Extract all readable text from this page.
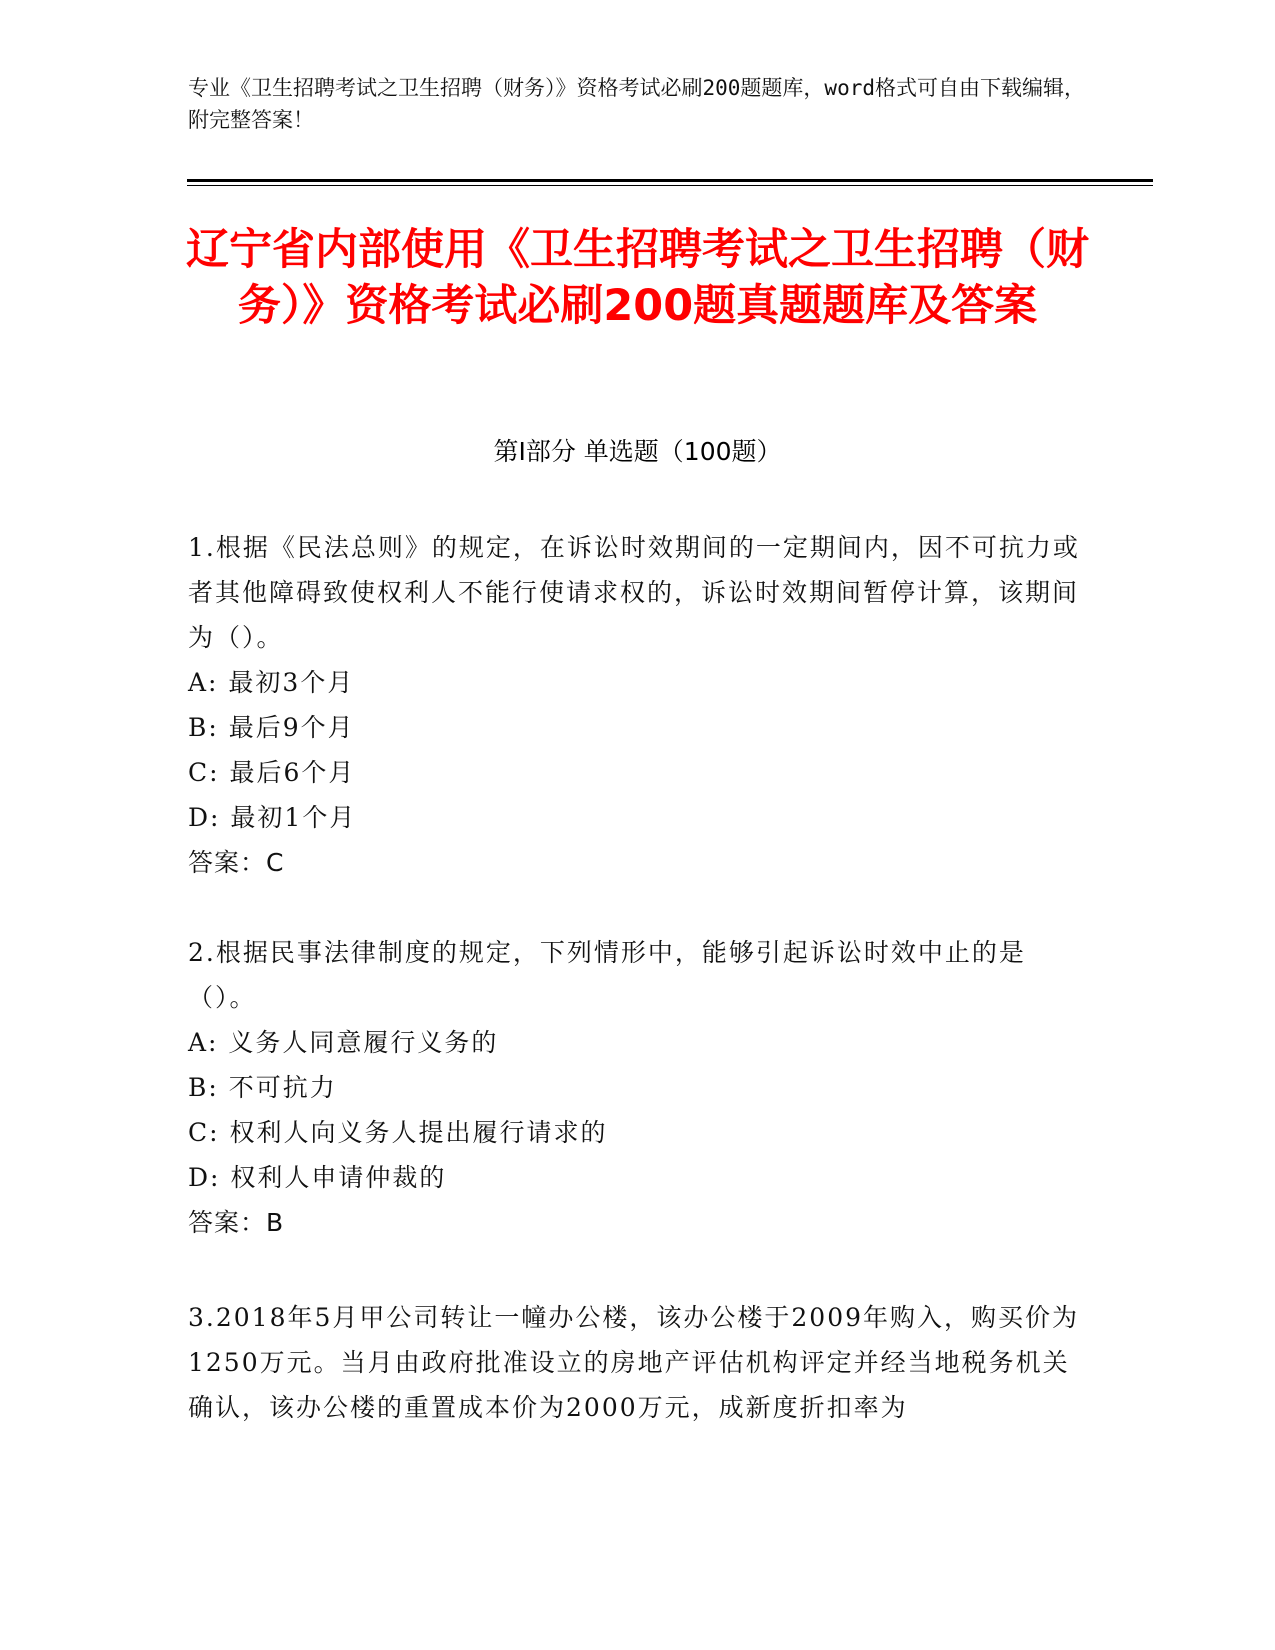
专业《卫生招聘考试之卫生招聘（财务）》资格考试必刷200题题库，word格式可自由下载编辑，附完整答案！
辽宁省内部使用《卫生招聘考试之卫生招聘（财务）》资格考试必刷200题真题题库及答案
第Ⅰ部分 单选题（100题）
1.根据《民法总则》的规定，在诉讼时效期间的一定期间内，因不可抗力或者其他障碍致使权利人不能行使请求权的，诉讼时效期间暂停计算，该期间为（）。
A: 最初3个月
B: 最后9个月
C: 最后6个月
D: 最初1个月
答案：C
2.根据民事法律制度的规定，下列情形中，能够引起诉讼时效中止的是（）。
A: 义务人同意履行义务的
B: 不可抗力
C: 权利人向义务人提出履行请求的
D: 权利人申请仲裁的
答案：B
3.2018年5月甲公司转让一幢办公楼，该办公楼于2009年购入，购买价为1250万元。当月由政府批准设立的房地产评估机构评定并经当地税务机关确认，该办公楼的重置成本价为2000万元，成新度折扣率为
